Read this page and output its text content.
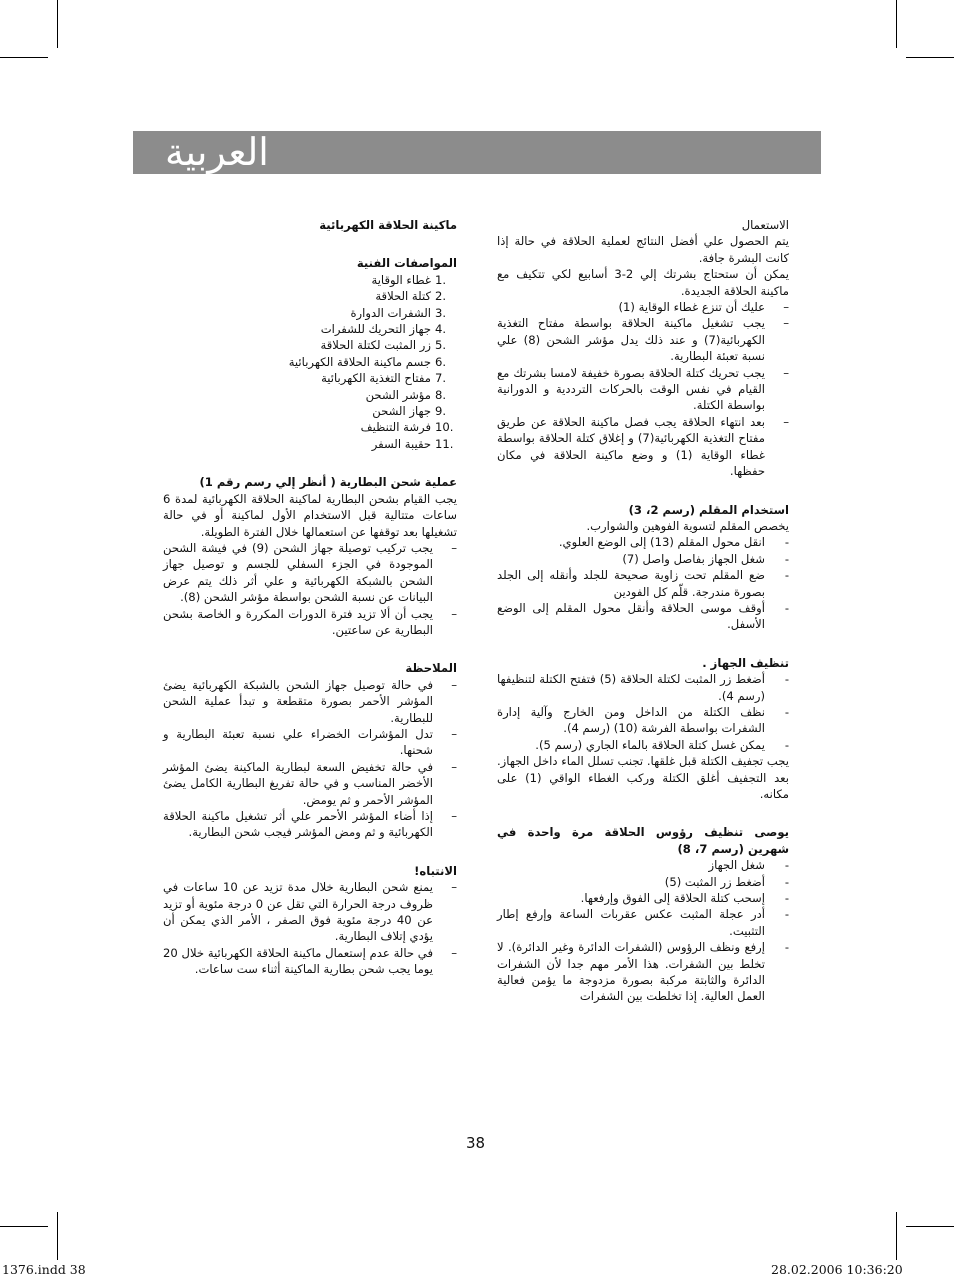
العربية

ماكينة الحلاقة الكهربائية

المواصفات الفنية

1.
غطاء الوقاية
2.
كتلة الحلاقة
3.
الشفرات الدوارة
4.
جهاز التحريك للشفرات
5.
زر المثبت لكتلة الحلاقة
6.
جسم ماكينة الحلاقة الكهربائية
7.
مفتاح التغذية الكهربائية
8.
مؤشر الشحن
9.
جهاز الشحن
10.
فرشة التنظيف
11.
حقيبة السفر

عملية شحن البطارية ( أنظر إلي رسم رقم 1)

يجب القيام بشحن البطارية لماكينة الحلاقة الكهربائية لمدة 6 ساعات متتالية قبل الاستخدام الأول لماكينة أو في حالة تشغيلها بعد توقفها عن استعمالها خلال الفترة الطويلة.

–
يجب تركيب توصيلة جهاز الشحن (9) في فيشة الشحن الموجودة في الجزء السفلي للجسم و توصيل جهاز الشحن بالشبكة الكهربائية و علي أثر ذلك يتم عرض البيانات عن نسبة الشحن بواسطة مؤشر الشحن (8).
–
يجب أن ألا تزيد فترة الدورات المكررة و الخاصة بشحن البطارية عن ساعتين.

الملاحظة

–
في حالة توصيل جهاز الشحن بالشبكة الكهربائية يضئ المؤشر الأحمر بصورة متقطعة و تبدأ عملية الشحن للبطارية.
–
تدل المؤشرات الخضراء علي نسبة تعبئة البطارية و شحنها.
–
في حالة تخفيض السعة لبطارية الماكينة يضئ المؤشر الأخضر المناسب و في حالة تفريغ البطارية الكامل يضئ المؤشر الأحمر و ثم يومض.
–
إذا أضاء المؤشر الأحمر علي أثر تشغيل ماكينة الحلاقة الكهربائية و ثم ومض المؤشر فيجب شحن البطارية.

الانتباه!

–
يمنع شحن البطارية خلال مدة تزيد عن 10 ساعات في ظروف درجة الحرارة التي تقل عن 0 درجة مئوية أو تزيد عن 40 درجة مئوية فوق الصفر ، الأمر الذي يمكن أن يؤدي إتلاف البطارية.
–
في حالة عدم إستعمال ماكينة الحلاقة الكهربائية خلال 20 يوما يجب شحن بطارية الماكينة أثناء ست ساعات.

الاستعمال

يتم الحصول علي أفضل النتائج لعملية الحلاقة في حالة إذا كانت البشرة جافة.

يمكن أن ستحتاج بشرتك إلي 2-3 أسابيع لكي تتكيف مع ماكينة الحلاقة الجديدة.

–
عليك أن تنزع غطاء الوقاية (1)
–
يجب تشغيل ماكينة الحلاقة بواسطة مفتاح التغذية الكهربائية(7) و عند ذلك يدل مؤشر الشحن (8) علي نسبة تعبئة البطارية.
–
يجب تحريك كتلة الحلاقة بصورة خفيفة لامسا بشرتك مع القيام في نفس الوقت بالحركات الترددية و الدورانية بواسطة الكتلة.
–
بعد انتهاء الحلاقة يجب فصل ماكينة الحلاقة عن طريق مفتاح التغذية الكهربائية(7) و إغلاق كتلة الحلاقة بواسطة غطاء الوقاية (1) و وضع ماكينة الحلاقة في مكان حفظها.

استخدام المقلم (رسم 2، 3)

يخصص المقلم لتسوية الفوهين والشوارب.

-
انقل محول المقلم (13) إلى الوضع العلوي.
-
شغل الجهاز بفاصل واصل (7)
-
ضع المقلم تحت زاوية صحيحة للجلد وأنقله إلى الجلد بصورة مندرجة. قلّم كل الفودين
-
أوقف موسى الحلاقة وأنقل محول المقلم إلى الوضع الأسفل.

تنظيف الجهاز .

-
أضغط زر المثبت لكتلة الحلاقة (5) فتفتح الكتلة لتنظيفها (رسم 4).
-
نظف الكتلة من الداخل ومن الخارج وآلية إدارة الشفرات بواسطة الفرشة (10) (رسم 4).
-
يمكن غسل كتلة الحلاقة بالماء الجاري (رسم 5).

يجب تجفيف الكتلة قبل غلقها. تجنب تسلل الماء داخل الجهاز. بعد التجفيف أغلق الكتلة وركب الغطاء الواقي (1) على مكانه.

يوصى تنظيف رؤوس الحلاقة مرة واحدة في شهرين (رسم 7، 8)

-
شغل الجهاز
-
أضغط زر المثبت (5)
-
إسحب كتلة الحلاقة إلى الفوق وإرفعها.
-
أدر عجلة المثبت عكس عقربات الساعة وإرفع إطار التثبيت.
-
إرفع ونظف الرؤوس (الشفرات الدائرة وغير الدائرة). لا تخلط بين الشفرات. هذا الأمر مهم جدا لأن الشفرات الدائرة والثابتة مركبة بصورة مزدوجة ما يؤمن فعالية العمل العالية. إذا تخلطت بين الشفرات
38
1376.indd 38	28.02.2006 10:36:20
